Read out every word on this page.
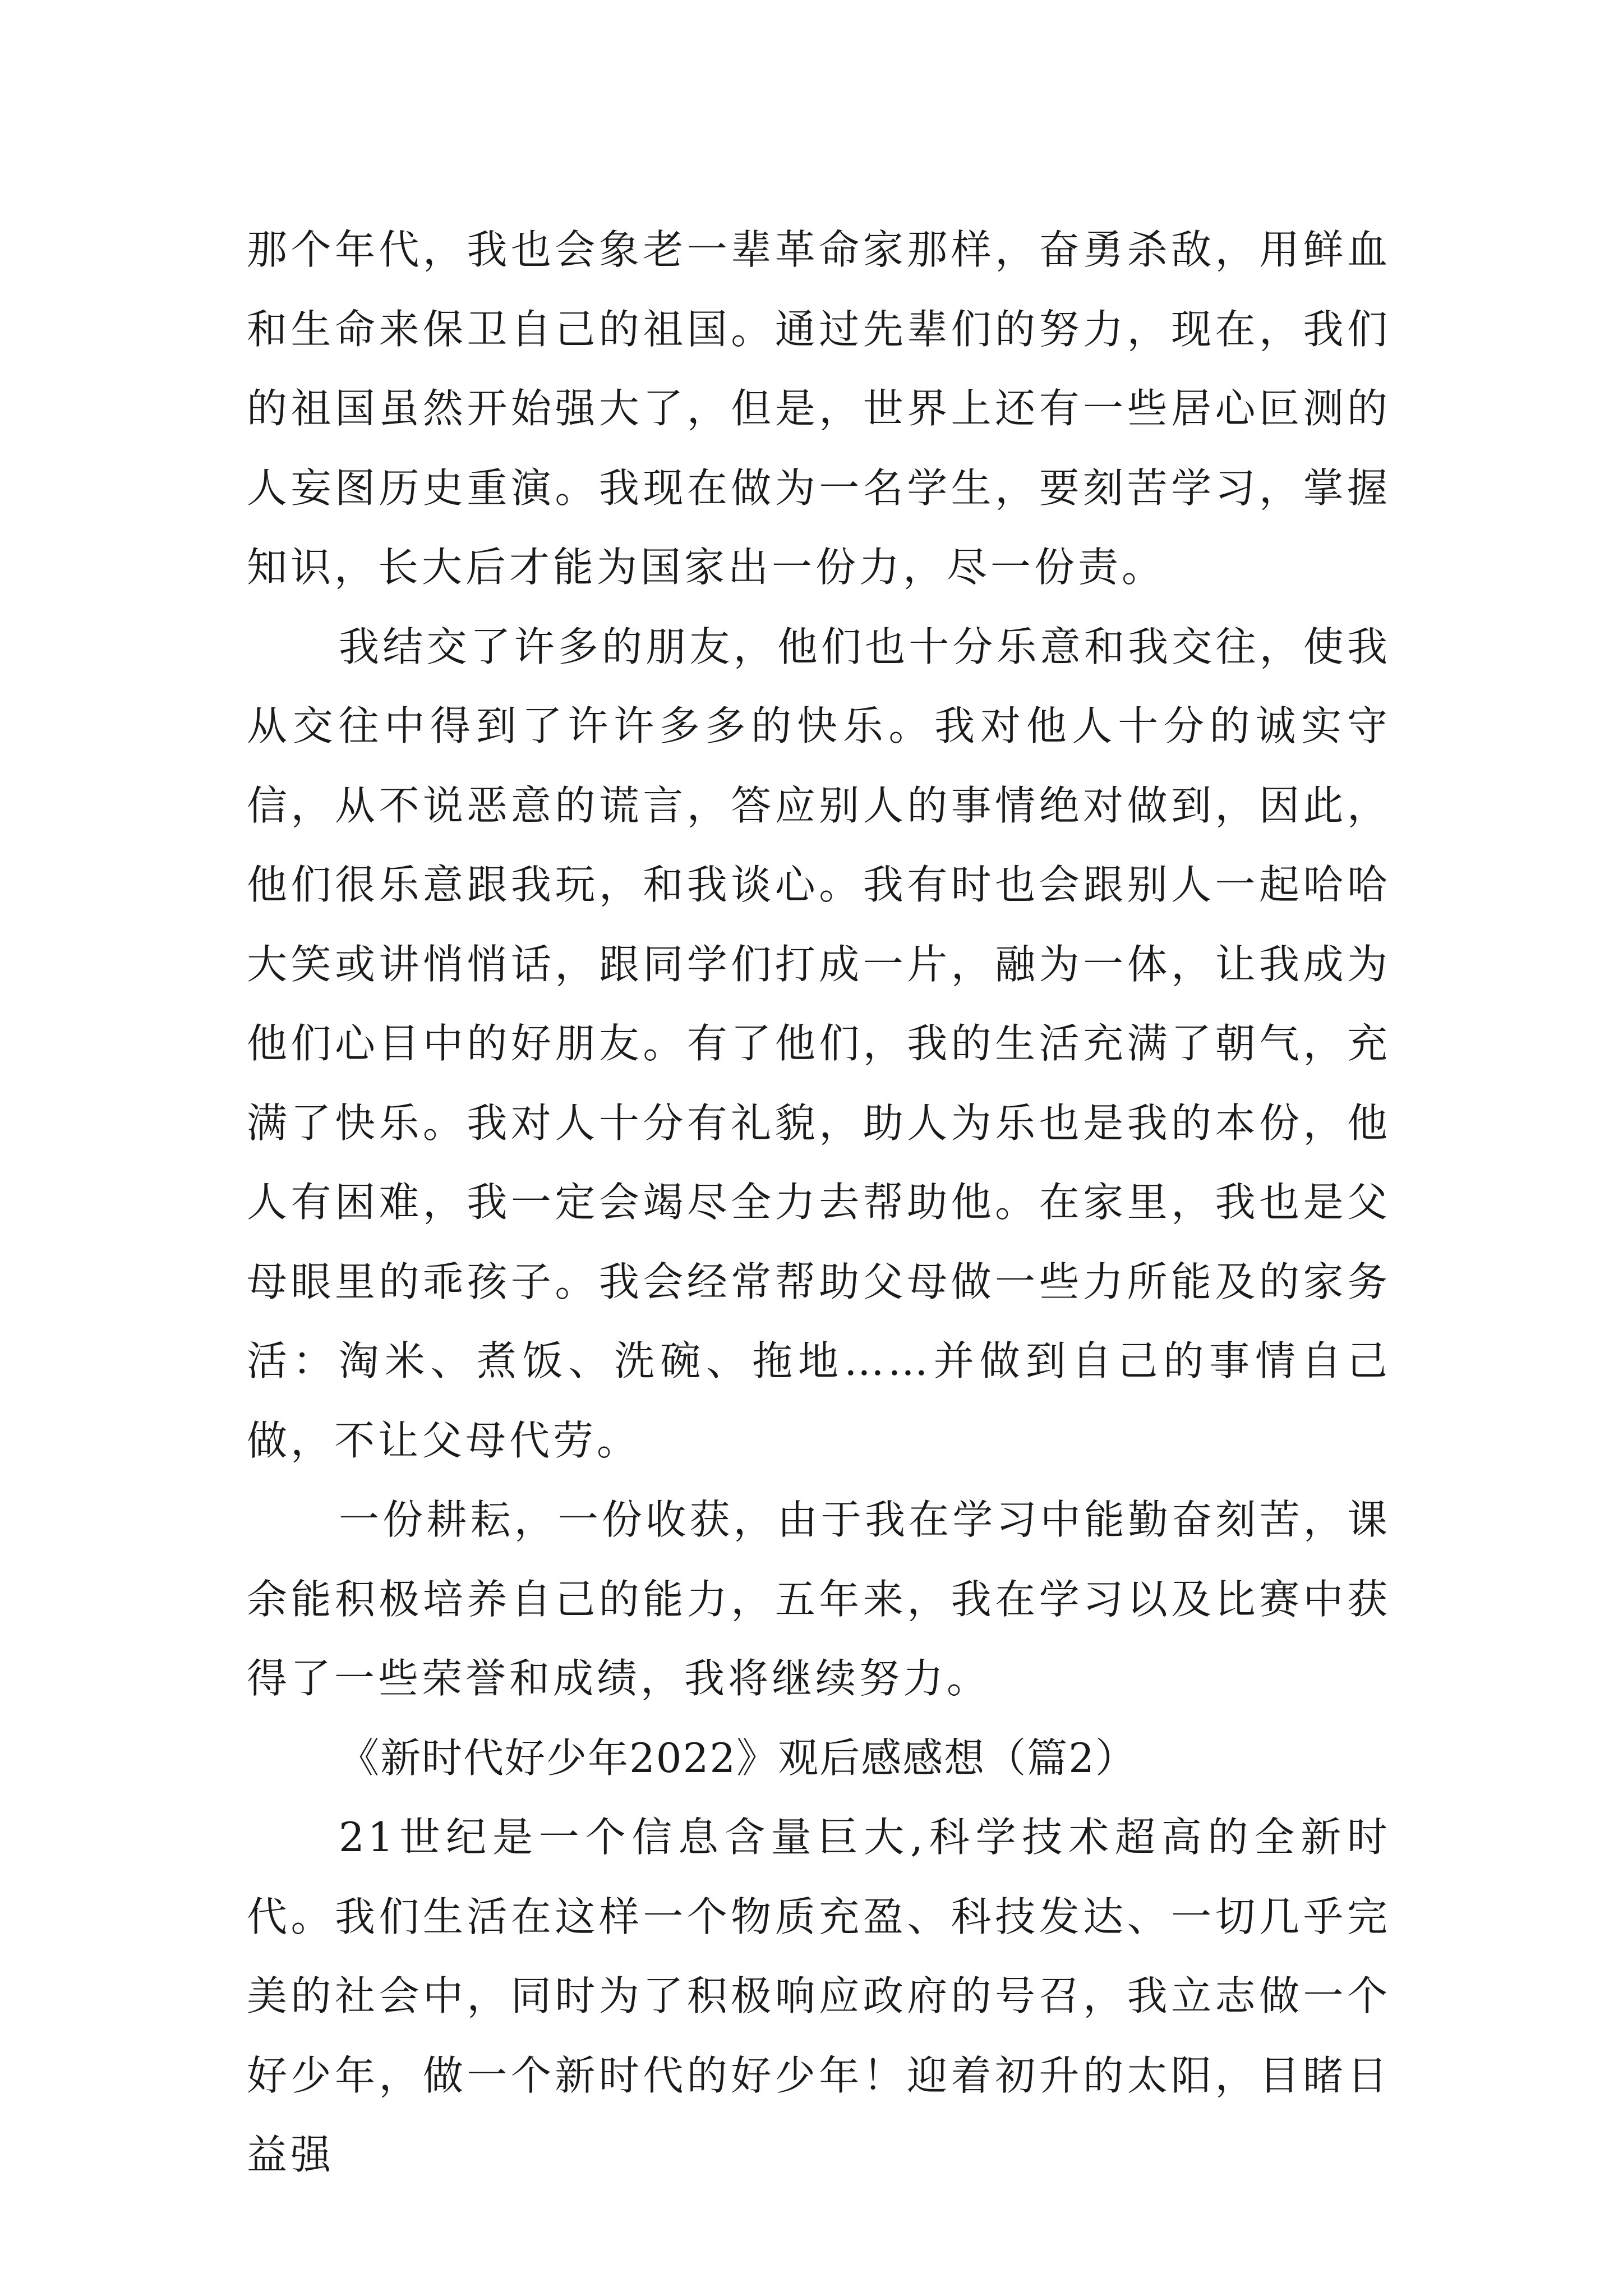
那个年代，我也会象老一辈革命家那样，奋勇杀敌，用鲜血和生命来保卫自己的祖国。通过先辈们的努力，现在，我们的祖国虽然开始强大了，但是，世界上还有一些居心叵测的人妄图历史重演。我现在做为一名学生，要刻苦学习，掌握知识，长大后才能为国家出一份力，尽一份责。

我结交了许多的朋友，他们也十分乐意和我交往，使我从交往中得到了许许多多的快乐。我对他人十分的诚实守信，从不说恶意的谎言，答应别人的事情绝对做到，因此，他们很乐意跟我玩，和我谈心。我有时也会跟别人一起哈哈大笑或讲悄悄话，跟同学们打成一片，融为一体，让我成为他们心目中的好朋友。有了他们，我的生活充满了朝气，充满了快乐。我对人十分有礼貌，助人为乐也是我的本份，他人有困难，我一定会竭尽全力去帮助他。在家里，我也是父母眼里的乖孩子。我会经常帮助父母做一些力所能及的家务活：淘米、煮饭、洗碗、拖地……并做到自己的事情自己做，不让父母代劳。

一份耕耘，一份收获，由于我在学习中能勤奋刻苦，课余能积极培养自己的能力，五年来，我在学习以及比赛中获得了一些荣誉和成绩，我将继续努力。

《新时代好少年2022》观后感感想（篇2）

21世纪是一个信息含量巨大,科学技术超高的全新时代。我们生活在这样一个物质充盈、科技发达、一切几乎完美的社会中，同时为了积极响应政府的号召，我立志做一个好少年，做一个新时代的好少年！迎着初升的太阳，目睹日益强
